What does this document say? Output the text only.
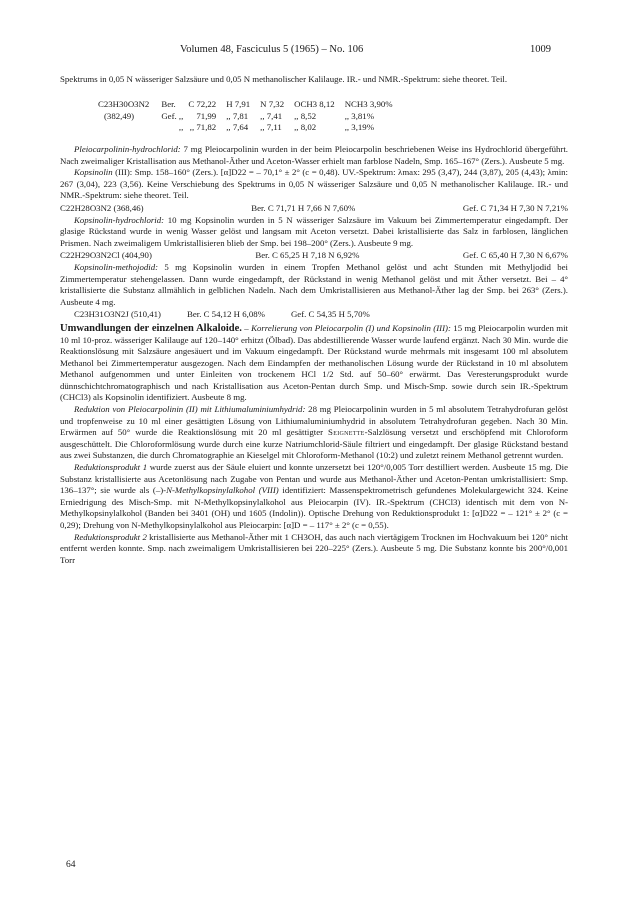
Volumen 48, Fasciculus 5 (1965) – No. 106	1009

Spektrums in 0,05 N wässeriger Salzsäure und 0,05 N methanolischer Kalilauge. IR.- und NMR.-Spektrum: siehe theoret. Teil.

C23H30O3N2	Ber.	C 72,22	H 7,91	N 7,32	OCH3 8,12	NCH3 3,90%
(382,49)	Gef. ,,	71,99	,, 7,81	,, 7,41	,, 8,52	,, 3,81%
	,,	,, 71,82	,, 7,64	,, 7,11	,, 8,02	,, 3,19%

Pleiocarpolinin-hydrochlorid: 7 mg Pleiocarpolinin wurden in der beim Pleiocarpolin beschriebenen Weise ins Hydrochlorid übergeführt. Nach zweimaliger Kristallisation aus Methanol-Äther und Aceton-Wasser erhielt man farblose Nadeln, Smp. 165–167° (Zers.). Ausbeute 5 mg.

Kopsinolin (III): Smp. 158–160° (Zers.). [α]D22 = – 70,1° ± 2° (c = 0,48). UV.-Spektrum: λmax: 295 (3,47), 244 (3,87), 205 (4,43); λmin: 267 (3,04), 223 (3,56). Keine Verschiebung des Spektrums in 0,05 N wässeriger Salzsäure und 0,05 N methanolischer Kalilauge. IR.- und NMR.-Spektrum: siehe theoret. Teil.

C22H28O3N2 (368,46)	Ber. C 71,71 H 7,66 N 7,60%	Gef. C 71,34 H 7,30 N 7,21%

Kopsinolin-hydrochlorid: 10 mg Kopsinolin wurden in 5 N wässeriger Salzsäure im Vakuum bei Zimmertemperatur eingedampft. Der glasige Rückstand wurde in wenig Wasser gelöst und langsam mit Aceton versetzt. Dabei kristallisierte das Salz in farblosen, länglichen Prismen. Nach zweimaligem Umkristallisieren blieb der Smp. bei 198–200° (Zers.). Ausbeute 9 mg.

C22H29O3N2Cl (404,90)	Ber. C 65,25 H 7,18 N 6,92%	Gef. C 65,40 H 7,30 N 6,67%

Kopsinolin-methojodid: 5 mg Kopsinolin wurden in einem Tropfen Methanol gelöst und acht Stunden mit Methyljodid bei Zimmertemperatur stehengelassen. Dann wurde eingedampft, der Rückstand in wenig Methanol gelöst und mit Äther versetzt. Bei – 4° kristallisierte die Substanz allmählich in gelblichen Nadeln. Nach dem Umkristallisieren aus Methanol-Äther lag der Smp. bei 263° (Zers.). Ausbeute 4 mg.

C23H31O3N2J (510,41)	Ber. C 54,12 H 6,08%	Gef. C 54,35 H 5,70%

Umwandlungen der einzelnen Alkaloide. – Korrelierung von Pleiocarpolin (I) und Kopsinolin (III): 15 mg Pleiocarpolin wurden mit 10 ml 10-proz. wässeriger Kalilauge auf 120–140° erhitzt (Ölbad). Das abdestillierende Wasser wurde laufend ergänzt. Nach 30 Min. wurde die Reaktionslösung mit Salzsäure angesäuert und im Vakuum eingedampft. Der Rückstand wurde mehrmals mit insgesamt 100 ml absolutem Methanol bei Zimmertemperatur ausgezogen. Nach dem Eindampfen der methanolischen Lösung wurde der Rückstand in 10 ml absolutem Methanol aufgenommen und unter Einleiten von trockenem HCl 1/2 Std. auf 50–60° erwärmt. Das Veresterungsprodukt wurde dünnschichtchromatographisch und nach Kristallisation aus Aceton-Pentan durch Smp. und Misch-Smp. sowie durch sein IR.-Spektrum (CHCl3) als Kopsinolin identifiziert. Ausbeute 8 mg.

Reduktion von Pleiocarpolinin (II) mit Lithiumaluminiumhydrid: 28 mg Pleiocarpolinin wurden in 5 ml absolutem Tetrahydrofuran gelöst und tropfenweise zu 10 ml einer gesättigten Lösung von Lithiumaluminiumhydrid in absolutem Tetrahydrofuran gegeben. Nach 30 Min. Erwärmen auf 50° wurde die Reaktionslösung mit 20 ml gesättigter Seignette-Salzlösung versetzt und erschöpfend mit Chloroform ausgeschüttelt. Die Chloroformlösung wurde durch eine kurze Natriumchlorid-Säule filtriert und eingedampft. Der glasige Rückstand bestand aus zwei Substanzen, die durch Chromatographie an Kieselgel mit Chloroform-Methanol (10:2) und zuletzt reinem Methanol getrennt wurden.

Reduktionsprodukt 1 wurde zuerst aus der Säule eluiert und konnte unzersetzt bei 120°/0,005 Torr destilliert werden. Ausbeute 15 mg. Die Substanz kristallisierte aus Acetonlösung nach Zugabe von Pentan und wurde aus Methanol-Äther und Aceton-Pentan umkristallisiert: Smp. 136–137°; sie wurde als (–)-N-Methylkopsinylalkohol (VIII) identifiziert: Massenspektrometrisch gefundenes Molekulargewicht 324. Keine Erniedrigung des Misch-Smp. mit N-Methylkopsinylalkohol aus Pleiocarpin (IV). IR.-Spektrum (CHCl3) identisch mit dem von N-Methylkopsinylalkohol (Banden bei 3401 (OH) und 1605 (Indolin)). Optische Drehung von Reduktionsprodukt 1: [α]D22 = – 121° ± 2° (c = 0,29); Drehung von N-Methylkopsinylalkohol aus Pleiocarpin: [α]D = – 117° ± 2° (c = 0,55).

Reduktionsprodukt 2 kristallisierte aus Methanol-Äther mit 1 CH3OH, das auch nach viertägigem Trocknen im Hochvakuum bei 120° nicht entfernt werden konnte. Smp. nach zweimaligem Umkristallisieren bei 220–225° (Zers.). Ausbeute 5 mg. Die Substanz konnte bis 200°/0,001 Torr

64
